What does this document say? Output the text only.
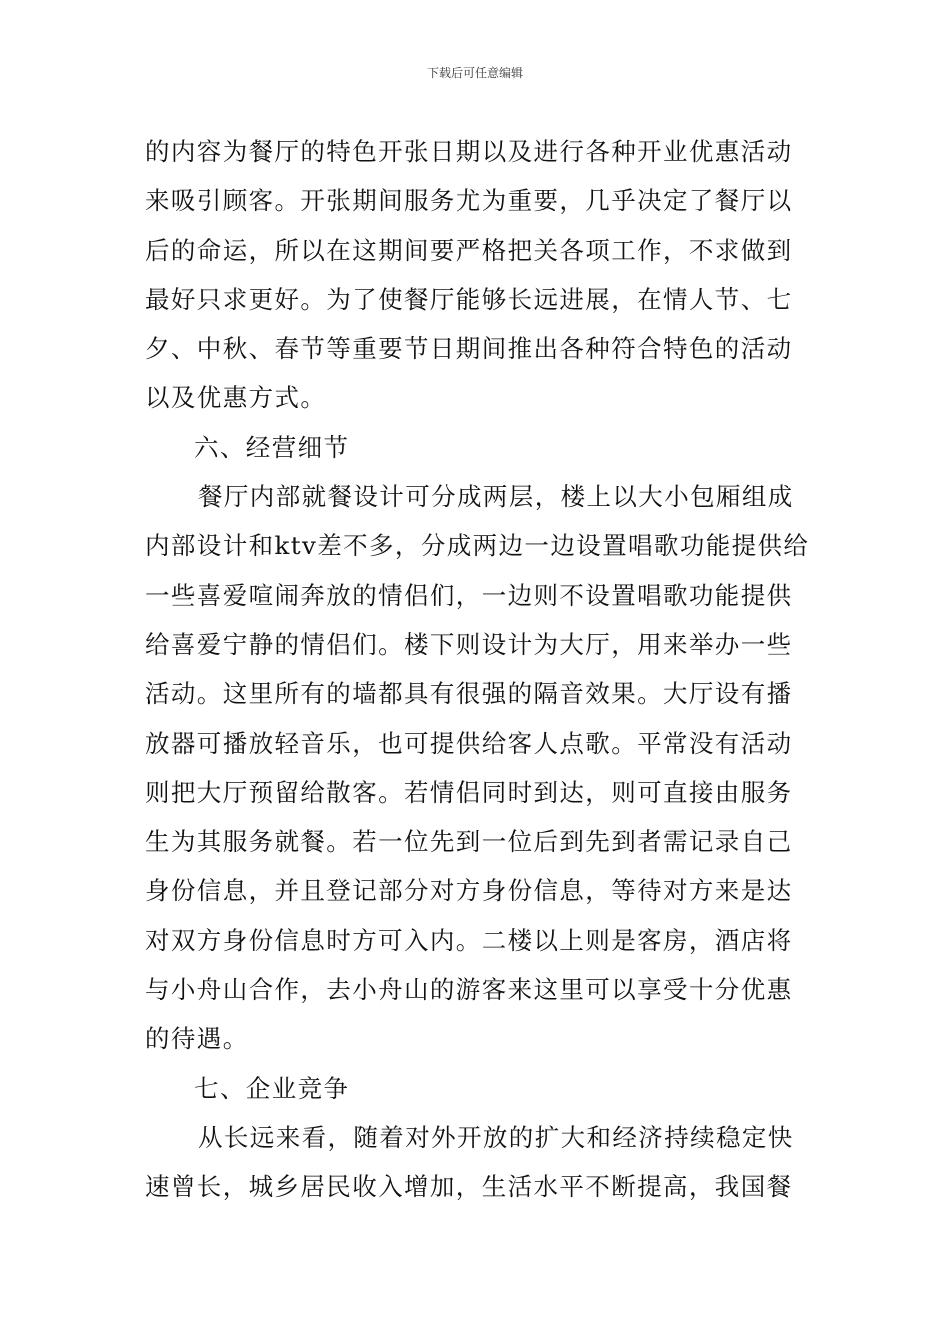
下载后可任意编辑

的内容为餐厅的特色开张日期以及进行各种开业优惠活动

来吸引顾客。开张期间服务尤为重要，几乎决定了餐厅以

后的命运，所以在这期间要严格把关各项工作，不求做到

最好只求更好。为了使餐厅能够长远进展，在情人节、七

夕、中秋、春节等重要节日期间推出各种符合特色的活动

以及优惠方式。

六、经营细节

餐厅内部就餐设计可分成两层，楼上以大小包厢组成

内部设计和ktv差不多，分成两边一边设置唱歌功能提供给

一些喜爱喧闹奔放的情侣们，一边则不设置唱歌功能提供

给喜爱宁静的情侣们。楼下则设计为大厅，用来举办一些

活动。这里所有的墙都具有很强的隔音效果。大厅设有播

放器可播放轻音乐，也可提供给客人点歌。平常没有活动

则把大厅预留给散客。若情侣同时到达，则可直接由服务

生为其服务就餐。若一位先到一位后到先到者需记录自己

身份信息，并且登记部分对方身份信息，等待对方来是达

对双方身份信息时方可入内。二楼以上则是客房，酒店将

与小舟山合作，去小舟山的游客来这里可以享受十分优惠

的待遇。

七、企业竞争

从长远来看，随着对外开放的扩大和经济持续稳定快

速曾长，城乡居民收入增加，生活水平不断提高，我国餐
